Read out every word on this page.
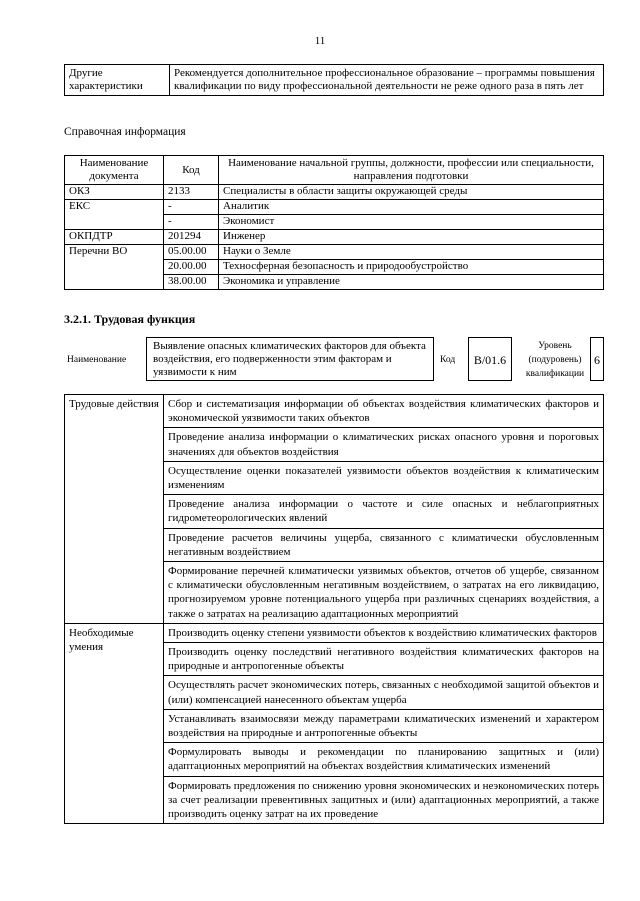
11
Другие характеристики	Рекомендуется дополнительное профессиональное образование – программы повышения квалификации по виду профессиональной деятельности не реже одного раза в пять лет
Справочная информация
Наименование документа	Код	Наименование начальной группы, должности, профессии или специальности, направления подготовки
ОКЗ	2133	Специалисты в области защиты окружающей среды
ЕКС	-	Аналитик
	-	Экономист
ОКПДТР	201294	Инженер
Перечни ВО	05.00.00	Науки о Земле
	20.00.00	Техносферная безопасность и природообустройство
	38.00.00	Экономика и управление
3.2.1. Трудовая функция
Наименование
Выявление опасных климатических факторов для объекта воздействия, его подверженности этим факторам и уязвимости к ним
Код	В/01.6
Уровень (подуровень) квалификации
6
Трудовые действия	Сбор и систематизация информации об объектах воздействия климатических факторов и экономической уязвимости таких объектов
	Проведение анализа информации о климатических рисках опасного уровня и пороговых значениях для объектов воздействия
	Осуществление оценки показателей уязвимости объектов воздействия к климатическим изменениям
	Проведение анализа информации о частоте и силе опасных и неблагоприятных гидрометеорологических явлений
	Проведение расчетов величины ущерба, связанного с климатически обусловленным негативным воздействием
	Формирование перечней климатически уязвимых объектов, отчетов об ущербе, связанном с климатически обусловленным негативным воздействием, о затратах на его ликвидацию, прогнозируемом уровне потенциального ущерба при различных сценариях воздействия, а также о затратах на реализацию адаптационных мероприятий
Необходимые умения	Производить оценку степени уязвимости объектов к воздействию климатических факторов
	Производить оценку последствий негативного воздействия климатических факторов на природные и антропогенные объекты
	Осуществлять расчет экономических потерь, связанных с необходимой защитой объектов и (или) компенсацией нанесенного объектам ущерба
	Устанавливать взаимосвязи между параметрами климатических изменений и характером воздействия на природные и антропогенные объекты
	Формулировать выводы и рекомендации по планированию защитных и (или) адаптационных мероприятий на объектах воздействия климатических изменений
	Формировать предложения по снижению уровня экономических и неэкономических потерь за счет реализации превентивных защитных и (или) адаптационных мероприятий, а также производить оценку затрат на их проведение
